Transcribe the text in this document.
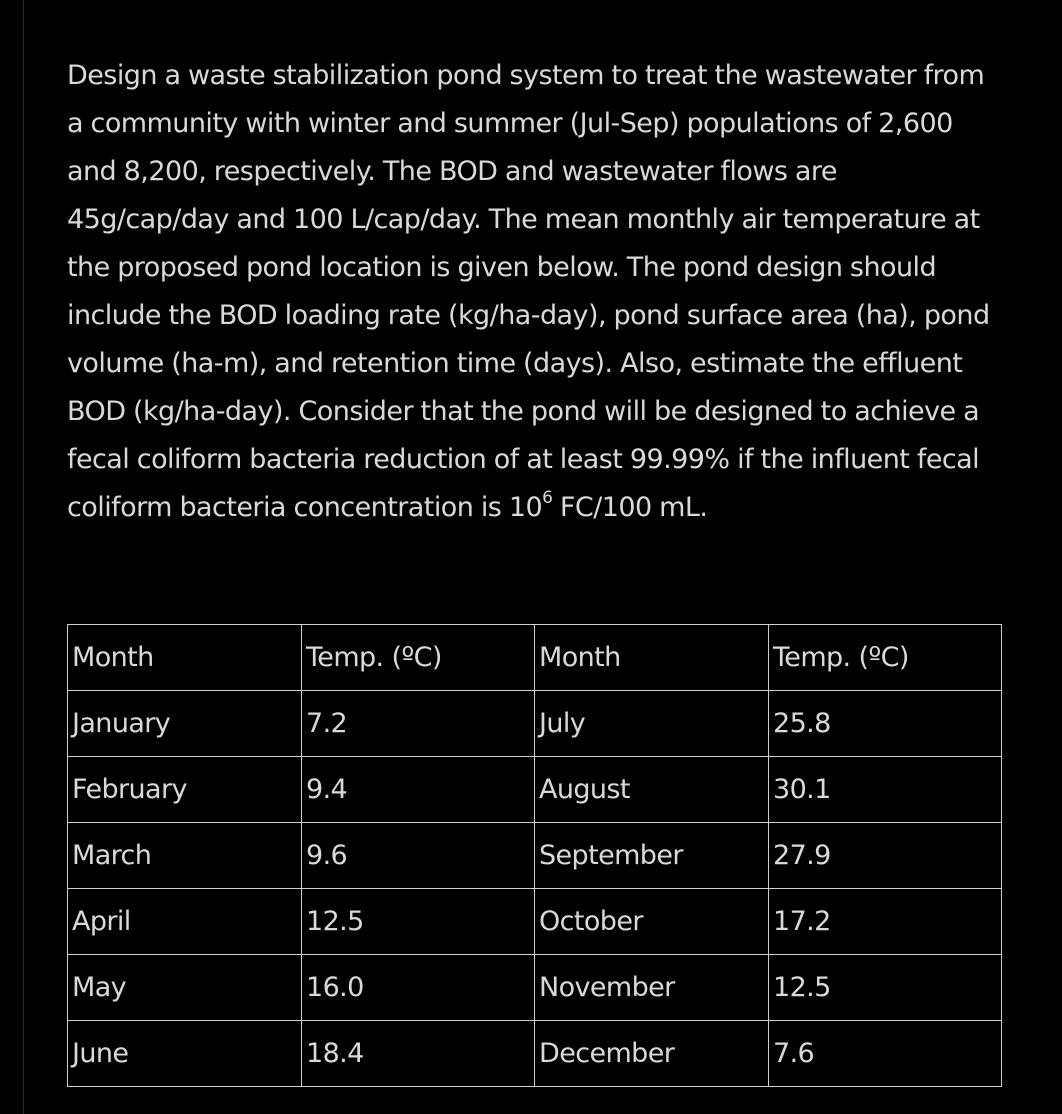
Design a waste stabilization pond system to treat the wastewater from
a community with winter and summer (Jul-Sep) populations of 2,600
and 8,200, respectively. The BOD and wastewater flows are
45g/cap/day and 100 L/cap/day. The mean monthly air temperature at
the proposed pond location is given below. The pond design should
include the BOD loading rate (kg/ha-day), pond surface area (ha), pond
volume (ha-m), and retention time (days). Also, estimate the effluent
BOD (kg/ha-day). Consider that the pond will be designed to achieve a
fecal coliform bacteria reduction of at least 99.99% if the influent fecal
coliform bacteria concentration is $10^6$ FC/100 mL.
Month	Temp. (ºC)	Month	Temp. (ºC)
January	7.2	July	25.8
February	9.4	August	30.1
March	9.6	September	27.9
April	12.5	October	17.2
May	16.0	November	12.5
June	18.4	December	7.6
